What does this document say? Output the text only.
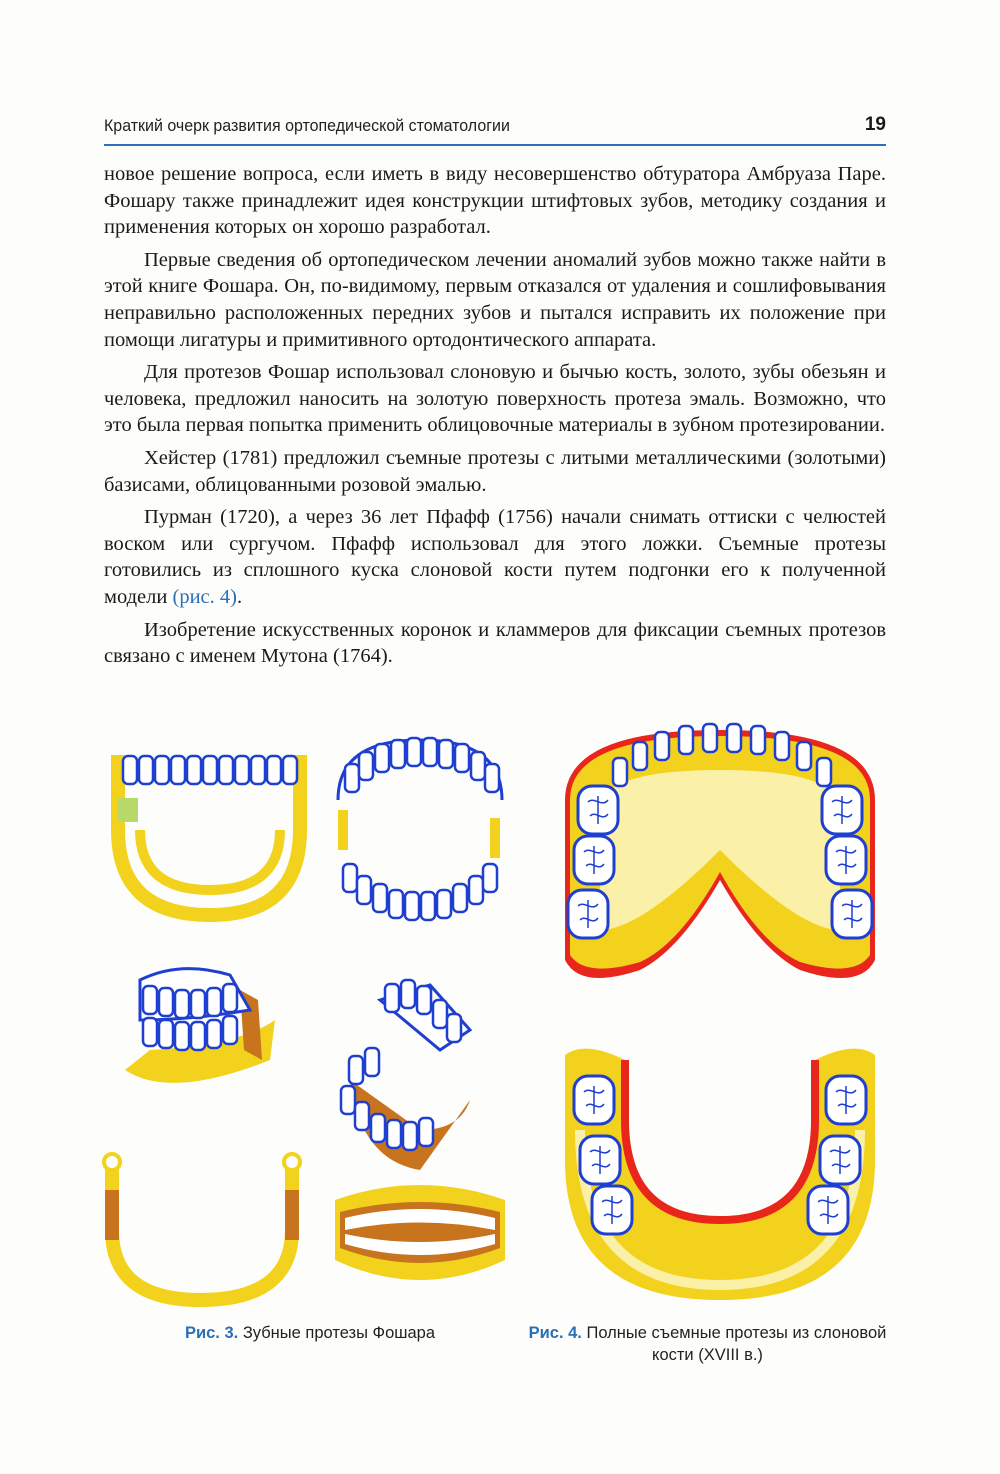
Краткий очерк развития ортопедической стоматологии	19

новое решение вопроса, если иметь в виду несовершенство обтуратора Амбруаза Паре. Фошару также принадлежит идея конструкции штифтовых зубов, методику создания и применения которых он хорошо разработал.

Первые сведения об ортопедическом лечении аномалий зубов можно также найти в этой книге Фошара. Он, по-видимому, первым отказался от удаления и сошлифовывания неправильно расположенных передних зубов и пытался исправить их положение при помощи лигатуры и примитивного ортодонтического аппарата.

Для протезов Фошар использовал слоновую и бычью кость, золото, зубы обезьян и человека, предложил наносить на золотую поверхность протеза эмаль. Возможно, что это была первая попытка применить облицовочные материалы в зубном протезировании.

Хейстер (1781) предложил съемные протезы с литыми металлическими (золотыми) базисами, облицованными розовой эмалью.

Пурман (1720), а через 36 лет Пфафф (1756) начали снимать оттиски с челюстей воском или сургучом. Пфафф использовал для этого ложки. Съемные протезы готовились из сплошного куска слоновой кости путем подгонки его к полученной модели (рис. 4).

Изобретение искусственных коронок и кламмеров для фиксации съемных протезов связано с именем Мутона (1764).

Рис. 3. Зубные протезы Фошара	Рис. 4. Полные съемные протезы из слоновой кости (XVIII в.)
